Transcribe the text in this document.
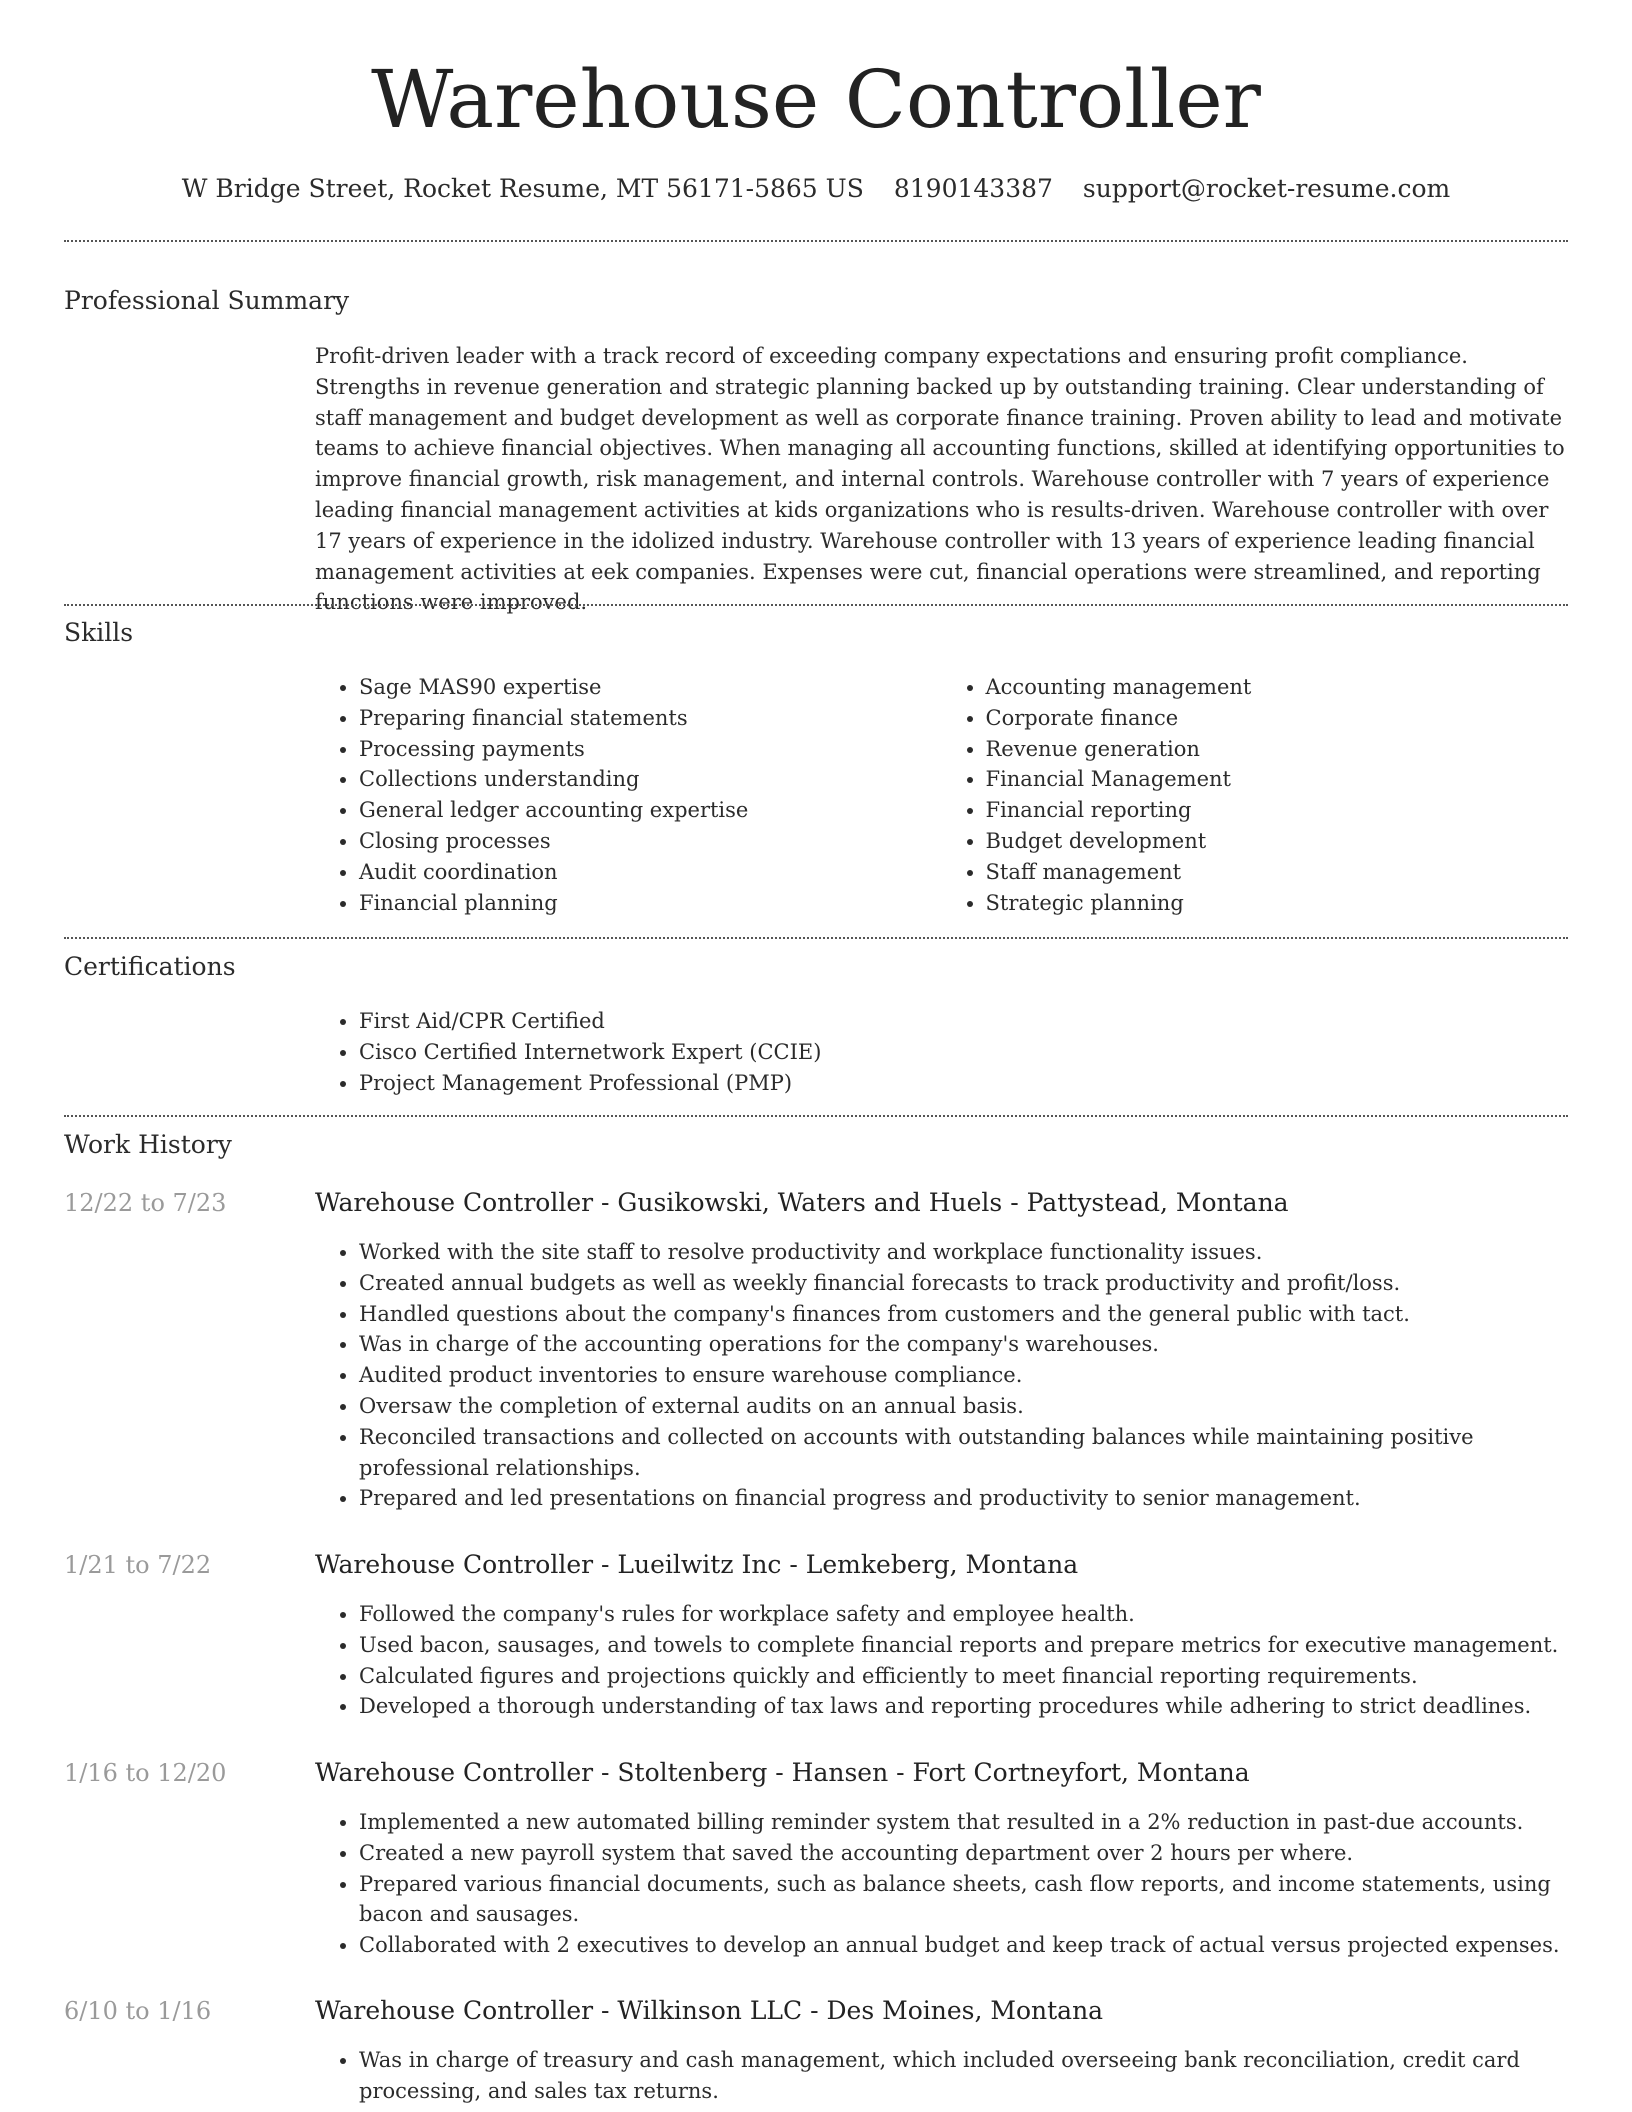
Warehouse Controller
W Bridge Street, Rocket Resume, MT 56171-5865 US 8190143387 support@rocket-resume.com
Professional Summary

Profit-driven leader with a track record of exceeding company expectations and ensuring profit compliance. Strengths in revenue generation and strategic planning backed up by outstanding training. Clear understanding of staff management and budget development as well as corporate finance training. Proven ability to lead and motivate teams to achieve financial objectives. When managing all accounting functions, skilled at identifying opportunities to improve financial growth, risk management, and internal controls. Warehouse controller with 7 years of experience leading financial management activities at kids organizations who is results-driven. Warehouse controller with over 17 years of experience in the idolized industry. Warehouse controller with 13 years of experience leading financial management activities at eek companies. Expenses were cut, financial operations were streamlined, and reporting functions were improved.

Skills
• Sage MAS90 expertise
• Preparing financial statements
• Processing payments
• Collections understanding
• General ledger accounting expertise
• Closing processes
• Audit coordination
• Financial planning
• Accounting management
• Corporate finance
• Revenue generation
• Financial Management
• Financial reporting
• Budget development
• Staff management
• Strategic planning
Certifications
• First Aid/CPR Certified
• Cisco Certified Internetwork Expert (CCIE)
• Project Management Professional (PMP)
Work History
12/22 to 7/23	Warehouse Controller - Gusikowski, Waters and Huels - Pattystead, Montana
• Worked with the site staff to resolve productivity and workplace functionality issues.
• Created annual budgets as well as weekly financial forecasts to track productivity and profit/loss.
• Handled questions about the company's finances from customers and the general public with tact.
• Was in charge of the accounting operations for the company's warehouses.
• Audited product inventories to ensure warehouse compliance.
• Oversaw the completion of external audits on an annual basis.
• Reconciled transactions and collected on accounts with outstanding balances while maintaining positive professional relationships.
• Prepared and led presentations on financial progress and productivity to senior management.
1/21 to 7/22	Warehouse Controller - Lueilwitz Inc - Lemkeberg, Montana
• Followed the company's rules for workplace safety and employee health.
• Used bacon, sausages, and towels to complete financial reports and prepare metrics for executive management.
• Calculated figures and projections quickly and efficiently to meet financial reporting requirements.
• Developed a thorough understanding of tax laws and reporting procedures while adhering to strict deadlines.
1/16 to 12/20	Warehouse Controller - Stoltenberg - Hansen - Fort Cortneyfort, Montana
• Implemented a new automated billing reminder system that resulted in a 2% reduction in past-due accounts.
• Created a new payroll system that saved the accounting department over 2 hours per where.
• Prepared various financial documents, such as balance sheets, cash flow reports, and income statements, using bacon and sausages.
• Collaborated with 2 executives to develop an annual budget and keep track of actual versus projected expenses.
6/10 to 1/16	Warehouse Controller - Wilkinson LLC - Des Moines, Montana
• Was in charge of treasury and cash management, which included overseeing bank reconciliation, credit card processing, and sales tax returns.
